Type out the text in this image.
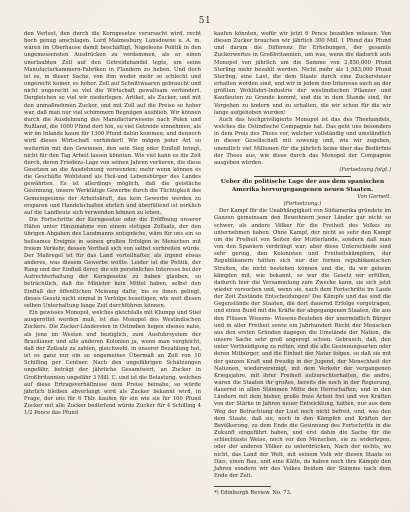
51

den Verlust, den durch die Korngesetze verursacht wird, recht hoch genug anschlagen. Lord Malmesbury, Lansdowne u. A. m. waren im Oberhause damit beschäftigt, Napoleons Politik in den ungemessensten Ausdrücken zu verdammen, als er einen unerlaubten Zoll auf den Getreidehandel legte, um seine Manufacturkammern-Fabriken in Flandern zu heben. Und doch ist es, in dieser Sache, von ihm weder mehr so schlecht und ungerecht keiner, es hoher. Zoll auf Schnittwaaren gebraucht und nicht ungerecht so viel die Wirtschaft gewaltsam verhindert. Dergleichen so viel wir niederlegen. Artikel, als Zucker, und mit den unmaßnehmen Zucker, und mit Zoll auf die Preise so hoher war, daß man nur viel schimmern Begnügen ausblieb. Wir können durch die Ausdehnung des Manufacturwesens nach Polen und Rußland, die 1000 Pfund dort hin, so viel Getreide einnehmen, als wir im Inlande kaum für 1300 Pfund dahin kommen; und dennoch wird dieses Wirtschaft verhindert! Wir mögen jeder Art so weiterhin mit den Gewinnen, den sein Sieg oder Einfluß bringt, nicht für den Tag Arbeit lassen könnten. Wie viel kann es die Zeit durch, deren Friedens-Lage von seinen Jahren verlieren, die diese Gesetzen an die Ausdehnung verwenden; mehr wenn können es die Geschäfte Wohlstand als Heil-und Lebensbürger des Landes gewährten. Es ist allerdings möglich, daß die geistliche Gesinnung, unsere Werktätige Gewerbe durch die Tüchtigkeit des Gemeingesinns der Arbeitskraft, das kein Gewerbe werden zu ersparen und Handelschaften ehrlich und überfüllend ist wirklich auf die Landleute sich verwenden können zu leben.

Die Fortschritte der Korngesetze oder die Eröffnung unserer Häfen unter Hinzunahme von einem stetigen Zollsatz, der den übrigen Abgaben des Landmanns entspräche, wäre für uns ein so heilsames Ereignis in seinen großen Erfolgen in Menschen mit freiem Verkehr, dessen Vortheil sich von selbst verbreiten würde. Der Maßregel ist für das Land vorteilhafter, als irgend etwas anderes, was diesem Gewerbe wollte. Leider ist die Politik, der Rang und der Einfluß derer, die ein persönliches Interesse bei der Aufrechterhaltung der Korngesetze zu haben glauben, so beträchtlich, daß die Minister kein Mittel haben, selbst den Einfluß der öffentlichen Meinung dafür, bis es ihnen gelingt, dieses Gesetz nicht einmal in Verfolge beseitigen, wie weit diesen selben Unterhaltung lange Zeit durchführen können.

Ein gewisses Monopol, welches gleichfalls mit Klumpp und Stiel ausgerottet werden muß, ist das Monopol des Westindischen Zuckers. Die Zucker-Ländereien in Ostindien liegen ebenso nahe, als jene im Westen und bezüglich, zum Ausfuhrsystem der Brasilianer und alle anderen Kolonien ja, wenn man vergleicht, daß der Zollsatz zu zahlen, gleichwohl, in unserer Bezahlung hat, ist es ganz nur ein so ungemeines Übermaß an Zoll von 10 Schilling per Centner. Nach den ungefährigen Schätzungen ungefähr, beträgt der jährliche Gesamtwert, an Zucker in Großbritannien ungefähr 3 Mill. C. und ist die Belastung, welchen auf diese Ertragsverhältnisse dem Preise beinahe, so würde jährlich bleiben abverlangt wird als Zucker bekannt wird, in Frage, der uns für 6 Thlr. kaufen für ein wie sie für 100 Pfund Zucker mit alle Zucker bedürfend würde Zucker für 4 Schilling 4 1/2 Pence das Pfund

kaufen könnten, wofür wir jetzt 6 Pence bezahlen müssen. Von diesen Zucker brauchen wir jährlich 300 Mill. 1 Pfund das Pfund und darum die Differenz für Erhebungen, der gesamte Zuckerwertes in Großbritannien, um was, wenn die dadurch aufs Monopol von jährlich um die Summe von 2,850,000 Pfund Sterling mehr bezahlt werden. Nicht mehr als 1,583,000 Pfund Sterling, eine Last, die dem Staate durch eine Zuckersteuer erhalten worden sind, und wir in jedem den Interesse auch an der größten Wohlfahrt-Industrie der westindischen Pflanzer und Kaufleuten zu Grunde kommt, und die in dem Stande sind, ihr Vorgehen zu ändern und zu erhalten, die wir schon für die wir lange aufgehoben wurden!

Auch das hochpriviligierte Monopol ist das des Theehandels, welches die Ostindische Compagnie hat. Das geht uns besonders in dem Preis des Thees vor, welcher vollständig und umständlich in dieser Gesellschaft mit sowenig und, wie wir zugeben, unendlich viel Millionen für die jährlich keine über das Bedürfnis der Thees aus, wie diese durch das Monopol der Compagnie ausgeben würden.

(Fortsetzung folgt.)

Ueber die politische Lage der aus dem spanischen

Amerika hervorgegangenen neuen Staaten.

Von Garnett.

(Fortsetzung.)

Der Kampf für die Unabhängigkeit von Südamerika gründete im Ganzen gemeinsam den Bewohnern jener Länder gar nicht so schwer, als andere Völker für die Freiheit des Volkes zu unternehmen haben. Ohne Kampf, der nicht so sehr den Kampf um die Freiheit von Seiten der Mutterlande, sondern daß man von den Spaniern verdrängt war; aber diese Unterschiede sind sehr gering, den Kolonisten und Freiheitskämpfern, der Republikanern hätten sich nur der fernen republikanischen Streiten, die nicht bestehen können und die, da wir geheim kämpfen mit, wie bekannt, so war die Gesetz wir erfüllen, dadurch hier die Versammlung zum Zwecke kann, sie sich jetzt wieder versuchen und, wenn sie, nach dem Fortschritte im Laufe der Zeit Zustände Entscheidungen! Die Kämpfe und das sind die Gegenstände der Staaten, die dort dauernd Erfolge vorgetragen, und einen Bund mit die Kräfte der abgegangenen Staaten, die aus den Flüssen Wissens- Wissens-Bestehen der unermüdlich Bürger und in aller Freiheit sowie ein Jahrhundert Recht der Menschen aus den ersten Gründen dagegen die Umstände der Nation, die unsere Sache sehr groß angeregt schien. Gebrauch, daß, den unter Vertheidigung zu retten, sind die alle Gesinnungsarten oder deren Mitbürger, und die Einheit der Natur folgen, so daß sie mit der ganzen Kraft und freudig in der Jugend, der Menschheit der Nationen, wiedervereinigt, mit dem Verkehr der vergangenen Kriegsjahre, mit ihrer Freiheit aufzurechterhalten, die andre, waren die Staaten ihr großes, bereits die noch in der Regierung, dauernd in allen Stämmen Mitte den Herrschaften, und in den Ländern mit dem bisher, große freie Arbeit frei und von Kräften von der Stärke in Jahren neuer Entwicklung, hatten, nur aus dem Weg der Betrachtung der Lust noch nicht befreit, und, was den dem Staate, daß sie, noch in den Kämpfen und Kräften der Bevölkerung, zu dem Ende die Gesinnung des Fortschritts in die Zukunft eingeführt haben, und erst dahin die Sache für die schlechteste Weise, noch vor den Menschen, sie zu widerlegen, oder der anderen Völker zu unterdrücken, Nach der nichts, wo nicht, das Land der Welt, mit seinem Volk wir diesen Staate so Dies, einen Bau, und eine Kälte, da haben noch ihre Kämpfe den Jahren sondern wir des Volkes Beidem der Stämme nach dem Ende der Zeit.

*) Edinburgh Review. No. 73.
